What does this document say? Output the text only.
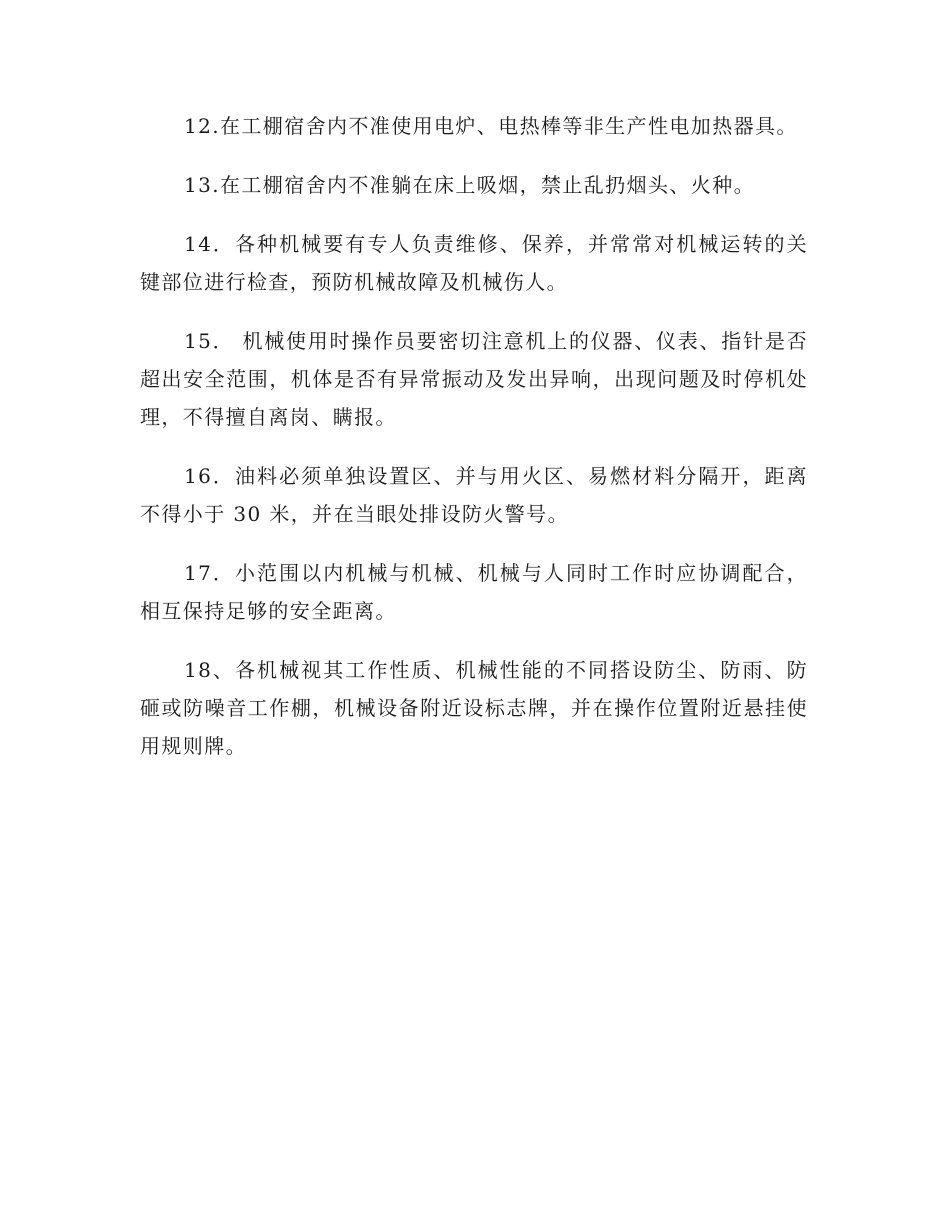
12.在工棚宿舍内不准使用电炉、电热棒等非生产性电加热器具。

13.在工棚宿舍内不准躺在床上吸烟，禁止乱扔烟头、火种。

14．各种机械要有专人负责维修、保养，并常常对机械运转的关键部位进行检查，预防机械故障及机械伤人。

15． 机械使用时操作员要密切注意机上的仪器、仪表、指针是否超出安全范围，机体是否有异常振动及发出异响，出现问题及时停机处理，不得擅自离岗、瞒报。

16．油料必须单独设置区、并与用火区、易燃材料分隔开，距离不得小于 30 米，并在当眼处排设防火警号。

17．小范围以内机械与机械、机械与人同时工作时应协调配合，相互保持足够的安全距离。

18、各机械视其工作性质、机械性能的不同搭设防尘、防雨、防砸或防噪音工作棚，机械设备附近设标志牌，并在操作位置附近悬挂使用规则牌。
